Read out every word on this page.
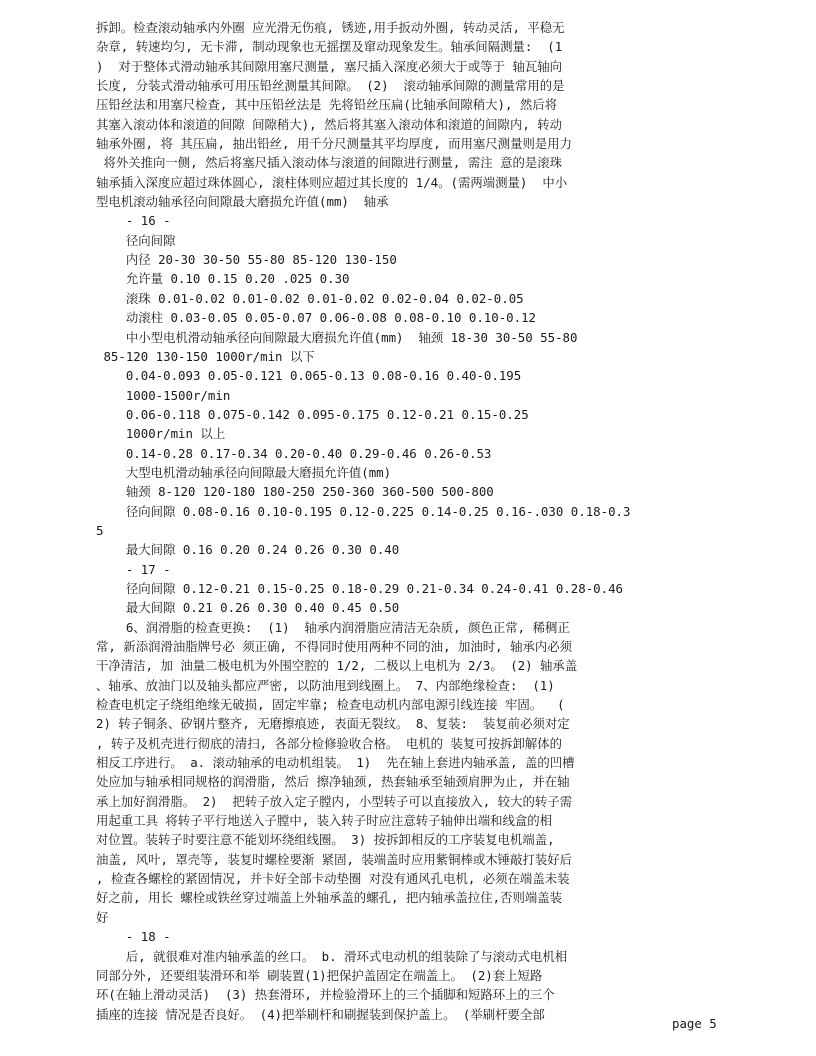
拆卸。检查滚动轴承内外圈 应光滑无伤痕, 锈迹,用手扳动外圈, 转动灵活, 平稳无
杂章, 转速均匀, 无卡滞, 制动现象也无摇摆及窜动现象发生。轴承间隔测量:  (1
)  对于整体式滑动轴承其间隙用塞尺测量, 塞尺插入深度必须大于或等于 轴瓦轴向
长度, 分装式滑动轴承可用压铅丝测量其间隙。 (2)  滚动轴承间隙的测量常用的是
压铅丝法和用塞尺检查, 其中压铅丝法是 先将铅丝压扁(比轴承间隙稍大), 然后将
其塞入滚动体和滚道的间隙 间隙稍大), 然后将其塞入滚动体和滚道的间隙内, 转动
轴承外圈, 将 其压扁, 抽出铅丝, 用千分尺测量其平均厚度, 而用塞尺测量则是用力
将外关推向一侧, 然后将塞尺插入滚动体与滚道的间隙进行测量, 需注 意的是滚珠
轴承插入深度应超过珠体圆心, 滚柱体则应超过其长度的 1/4。(需两端测量)  中小
型电机滚动轴承径向间隙最大磨损允许值(mm)  轴承
- 16 -
径向间隙
内径 20-30 30-50 55-80 85-120 130-150
允许量 0.10 0.15 0.20 .025 0.30
滚珠 0.01-0.02 0.01-0.02 0.01-0.02 0.02-0.04 0.02-0.05
动滚柱 0.03-0.05 0.05-0.07 0.06-0.08 0.08-0.10 0.10-0.12
中小型电机滑动轴承径向间隙最大磨损允许值(mm)  轴颈 18-30 30-50 55-80
85-120 130-150 1000r/min 以下
0.04-0.093 0.05-0.121 0.065-0.13 0.08-0.16 0.40-0.195
1000-1500r/min
0.06-0.118 0.075-0.142 0.095-0.175 0.12-0.21 0.15-0.25
1000r/min 以上
0.14-0.28 0.17-0.34 0.20-0.40 0.29-0.46 0.26-0.53
大型电机滑动轴承径向间隙最大磨损允许值(mm)
轴颈 8-120 120-180 180-250 250-360 360-500 500-800
径向间隙 0.08-0.16 0.10-0.195 0.12-0.225 0.14-0.25 0.16-.030 0.18-0.3
5
最大间隙 0.16 0.20 0.24 0.26 0.30 0.40
- 17 -
径向间隙 0.12-0.21 0.15-0.25 0.18-0.29 0.21-0.34 0.24-0.41 0.28-0.46
最大间隙 0.21 0.26 0.30 0.40 0.45 0.50
6、润滑脂的检查更换:  (1)  轴承内润滑脂应清洁无杂质, 颜色正常, 稀稠正
常, 新添润滑油脂牌号必 须正确, 不得同时使用两种不同的油, 加油时, 轴承内必须
干净清洁, 加 油量二极电机为外围空腔的 1/2, 二极以上电机为 2/3。 (2) 轴承盖
、轴承、放油门以及轴头都应严密, 以防油甩到线圈上。 7、内部绝缘检查:  (1)
检查电机定子绕组绝缘无破损, 固定牢靠; 检查电动机内部电源引线连接 牢固。  (
2) 转子铜条、矽钢片整齐, 无磨擦痕迹, 表面无裂纹。 8、复装:  装复前必须对定
, 转子及机壳进行彻底的清扫, 各部分检修验收合格。 电机的 装复可按拆卸解体的
相反工序进行。 a. 滚动轴承的电动机组装。 1)  先在轴上套进内轴承盖, 盖的凹槽
处应加与轴承相同规格的润滑脂, 然后 擦净轴颈, 热套轴承至轴颈肩胛为止, 并在轴
承上加好润滑脂。 2)  把转子放入定子膛内, 小型转子可以直接放入, 较大的转子需
用起重工具 将转子平行地送入子膛中, 装入转子时应注意转子轴伸出端和线盒的相
对位置。装转子时要注意不能划坏绕组线圈。 3) 按拆卸相反的工序装复电机端盖,
油盖, 风叶, 罩壳等, 装复时螺栓要渐 紧固, 装端盖时应用紫铜棒或木锤敲打装好后
, 检查各螺栓的紧固情况, 并卡好全部卡动垫圈 对没有通风孔电机, 必须在端盖未装
好之前, 用长 螺栓或铁丝穿过端盖上外轴承盖的螺孔, 把内轴承盖拉住,否则端盖装
好
- 18 -
后, 就很难对准内轴承盖的丝口。 b. 滑环式电动机的组装除了与滚动式电机相
同部分外, 还要组装滑环和举 刷装置(1)把保护盖固定在端盖上。 (2)套上短路
环(在轴上滑动灵活)  (3) 热套滑环, 并检验滑环上的三个插脚和短路环上的三个
插座的连接 情况是否良好。 (4)把举刷杆和刷握装到保护盖上。 (举刷杆要全部
page 5
